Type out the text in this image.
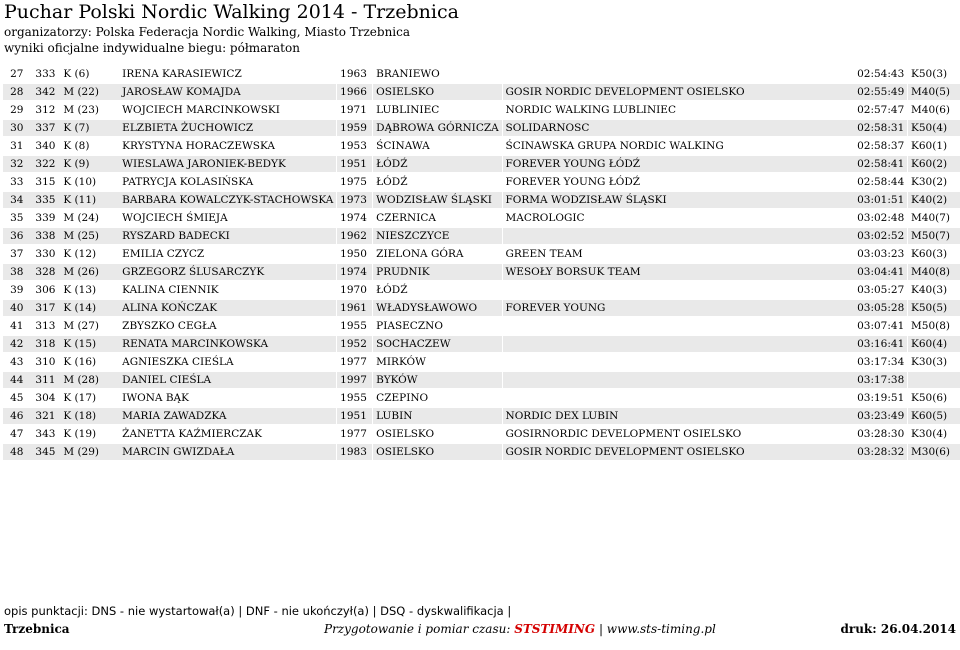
Puchar Polski Nordic Walking 2014 - Trzebnica
organizatorzy: Polska Federacja Nordic Walking, Miasto Trzebnica
wyniki oficjalne indywidualne biegu: półmaraton
27	333	K (6)	IRENA KARASIEWICZ		1963		BRANIEWO				02:54:43		K50(3)
28	342	M (22)	JAROSŁAW KOMAJDA		1966		OSIELSKO		GOSIR NORDIC DEVELOPMENT OSIELSKO		02:55:49		M40(5)
29	312	M (23)	WOJCIECH MARCINKOWSKI		1971		LUBLINIEC		NORDIC WALKING LUBLINIEC		02:57:47		M40(6)
30	337	K (7)	ELZBIETA ŻUCHOWICZ		1959		DĄBROWA GÓRNICZA		SOLIDARNOSC		02:58:31		K50(4)
31	340	K (8)	KRYSTYNA HORACZEWSKA		1953		ŚCINAWA		ŚCINAWSKA GRUPA NORDIC WALKING		02:58:37		K60(1)
32	322	K (9)	WIESLAWA JARONIEK-BEDYK		1951		ŁÓDŹ		FOREVER YOUNG ŁÓDŹ		02:58:41		K60(2)
33	315	K (10)	PATRYCJA KOLASIŃSKA		1975		ŁÓDŹ		FOREVER YOUNG ŁÓDŹ		02:58:44		K30(2)
34	335	K (11)	BARBARA KOWALCZYK-STACHOWSKA		1973		WODZISŁAW ŚLĄSKI		FORMA WODZISŁAW ŚLĄSKI		03:01:51		K40(2)
35	339	M (24)	WOJCIECH ŚMIEJA		1974		CZERNICA		MACROLOGIC		03:02:48		M40(7)
36	338	M (25)	RYSZARD BADECKI		1962		NIESZCZYCE				03:02:52		M50(7)
37	330	K (12)	EMILIA CZYCZ		1950		ZIELONA GÓRA		GREEN TEAM		03:03:23		K60(3)
38	328	M (26)	GRZEGORZ ŚLUSARCZYK		1974		PRUDNIK		WESOŁY BORSUK TEAM		03:04:41		M40(8)
39	306	K (13)	KALINA CIENNIK		1970		ŁÓDŹ				03:05:27		K40(3)
40	317	K (14)	ALINA KOŃCZAK		1961		WŁADYSŁAWOWO		FOREVER YOUNG		03:05:28		K50(5)
41	313	M (27)	ZBYSZKO CEGŁA		1955		PIASECZNO				03:07:41		M50(8)
42	318	K (15)	RENATA MARCINKOWSKA		1952		SOCHACZEW				03:16:41		K60(4)
43	310	K (16)	AGNIESZKA CIEŚLA		1977		MIRKÓW				03:17:34		K30(3)
44	311	M (28)	DANIEL CIEŚLA		1997		BYKÓW				03:17:38		
45	304	K (17)	IWONA BĄK		1955		CZEPINO				03:19:51		K50(6)
46	321	K (18)	MARIA ZAWADZKA		1951		LUBIN		NORDIC DEX LUBIN		03:23:49		K60(5)
47	343	K (19)	ŻANETTA KAŹMIERCZAK		1977		OSIELSKO		GOSIRNORDIC DEVELOPMENT OSIELSKO		03:28:30		K30(4)
48	345	M (29)	MARCIN GWIZDAŁA		1983		OSIELSKO		GOSIR NORDIC DEVELOPMENT OSIELSKO		03:28:32		M30(6)
opis punktacji: DNS - nie wystartował(a) | DNF - nie ukończył(a) | DSQ - dyskwalifikacja |
Trzebnica	Przygotowanie i pomiar czasu: STSTIMING | www.sts-timing.pl	druk: 26.04.2014
